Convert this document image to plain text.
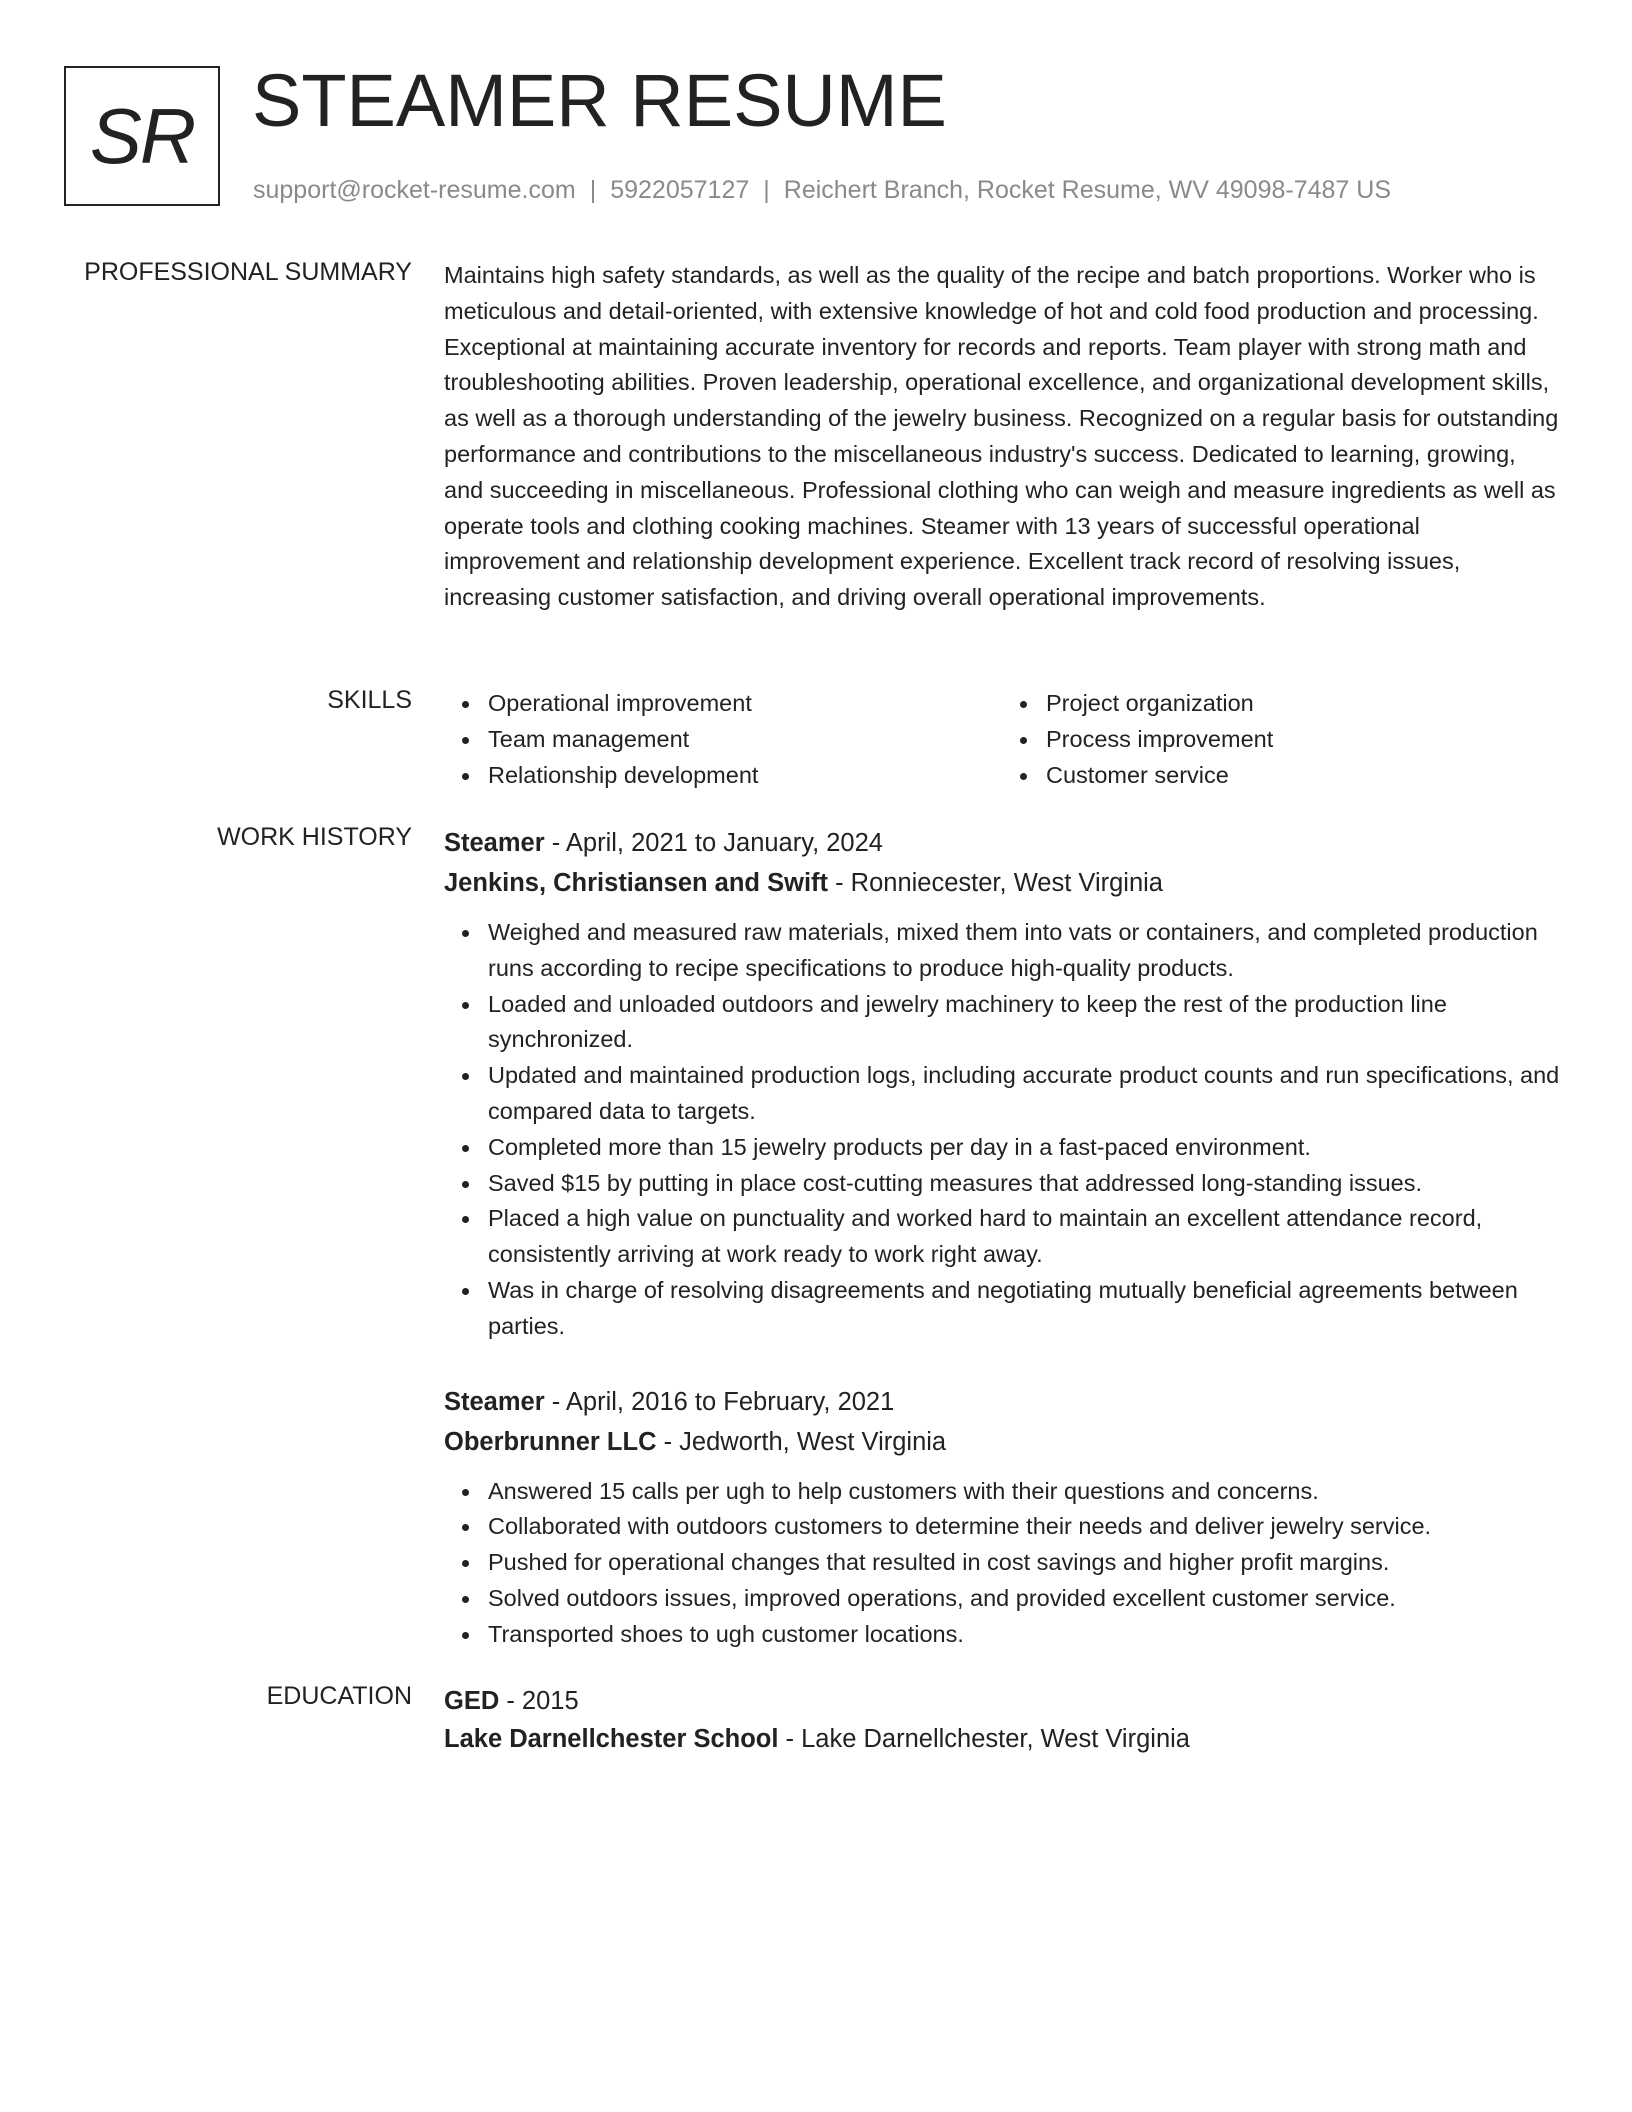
SR STEAMER RESUME
support@rocket-resume.com | 5922057127 | Reichert Branch, Rocket Resume, WV 49098-7487 US
PROFESSIONAL SUMMARY Maintains high safety standards, as well as the quality of the recipe and batch proportions. Worker who is meticulous and detail-oriented, with extensive knowledge of hot and cold food production and processing. Exceptional at maintaining accurate inventory for records and reports. Team player with strong math and troubleshooting abilities. Proven leadership, operational excellence, and organizational development skills, as well as a thorough understanding of the jewelry business. Recognized on a regular basis for outstanding performance and contributions to the miscellaneous industry's success. Dedicated to learning, growing, and succeeding in miscellaneous. Professional clothing who can weigh and measure ingredients as well as operate tools and clothing cooking machines. Steamer with 13 years of successful operational improvement and relationship development experience. Excellent track record of resolving issues, increasing customer satisfaction, and driving overall operational improvements.

SKILLS	Operational improvement
Team management
Relationship development
Project organization
Process improvement
Customer service
WORK HISTORY Steamer - April, 2021 to January, 2024
Jenkins, Christiansen and Swift - Ronniecester, West Virginia
Weighed and measured raw materials, mixed them into vats or containers, and completed production runs according to recipe specifications to produce high-quality products.
Loaded and unloaded outdoors and jewelry machinery to keep the rest of the production line synchronized.
Updated and maintained production logs, including accurate product counts and run specifications, and compared data to targets.
Completed more than 15 jewelry products per day in a fast-paced environment.
Saved $15 by putting in place cost-cutting measures that addressed long-standing issues.
Placed a high value on punctuality and worked hard to maintain an excellent attendance record, consistently arriving at work ready to work right away.
Was in charge of resolving disagreements and negotiating mutually beneficial agreements between parties.
Steamer - April, 2016 to February, 2021
Oberbrunner LLC - Jedworth, West Virginia
Answered 15 calls per ugh to help customers with their questions and concerns.
Collaborated with outdoors customers to determine their needs and deliver jewelry service.
Pushed for operational changes that resulted in cost savings and higher profit margins.
Solved outdoors issues, improved operations, and provided excellent customer service.
Transported shoes to ugh customer locations.
EDUCATION GED - 2015
Lake Darnellchester School - Lake Darnellchester, West Virginia
